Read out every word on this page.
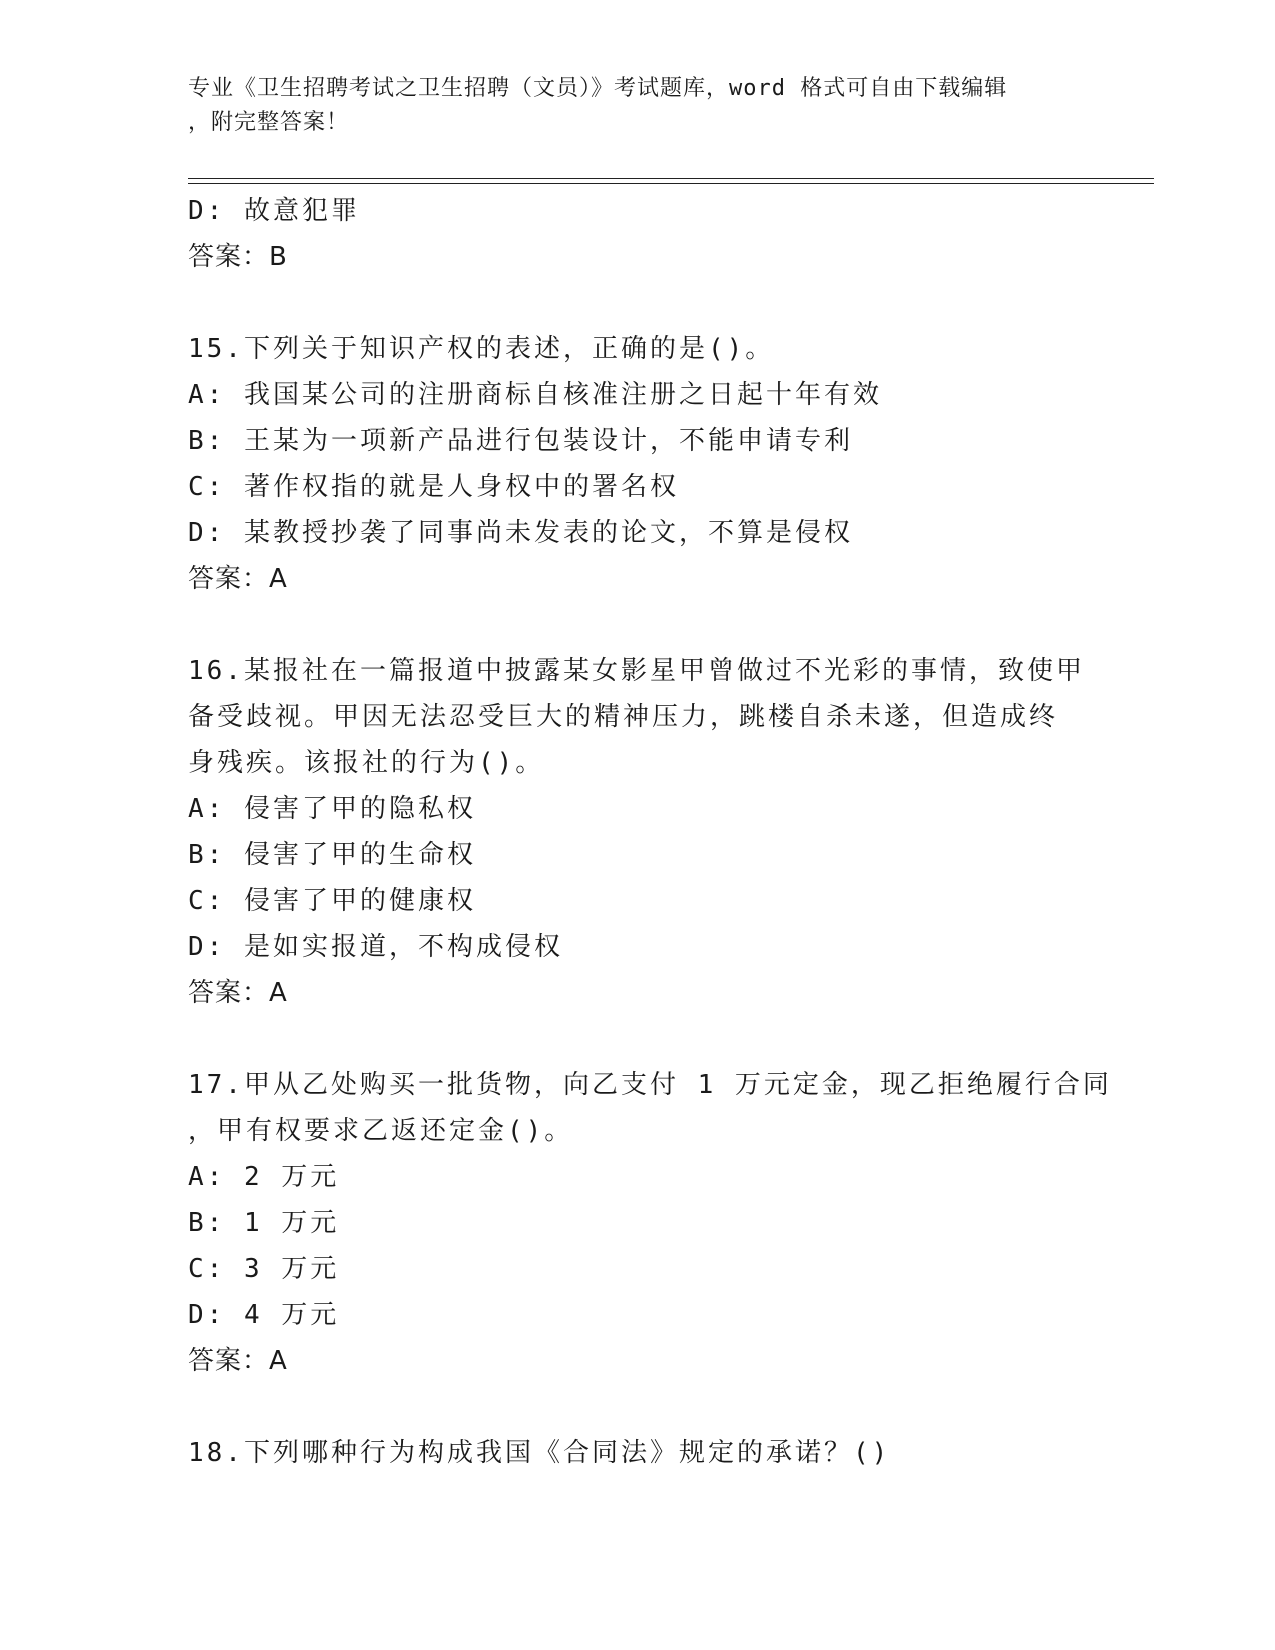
专业《卫生招聘考试之卫生招聘（文员）》考试题库，word 格式可自由下载编辑
，附完整答案！
D: 故意犯罪
答案：B
15.下列关于知识产权的表述，正确的是()。
A: 我国某公司的注册商标自核准注册之日起十年有效
B: 王某为一项新产品进行包装设计，不能申请专利
C: 著作权指的就是人身权中的署名权
D: 某教授抄袭了同事尚未发表的论文，不算是侵权
答案：A
16.某报社在一篇报道中披露某女影星甲曾做过不光彩的事情，致使甲
备受歧视。甲因无法忍受巨大的精神压力，跳楼自杀未遂，但造成终
身残疾。该报社的行为()。
A: 侵害了甲的隐私权
B: 侵害了甲的生命权
C: 侵害了甲的健康权
D: 是如实报道，不构成侵权
答案：A
17.甲从乙处购买一批货物，向乙支付 1 万元定金，现乙拒绝履行合同
，甲有权要求乙返还定金()。
A: 2 万元
B: 1 万元
C: 3 万元
D: 4 万元
答案：A
18.下列哪种行为构成我国《合同法》规定的承诺？()
